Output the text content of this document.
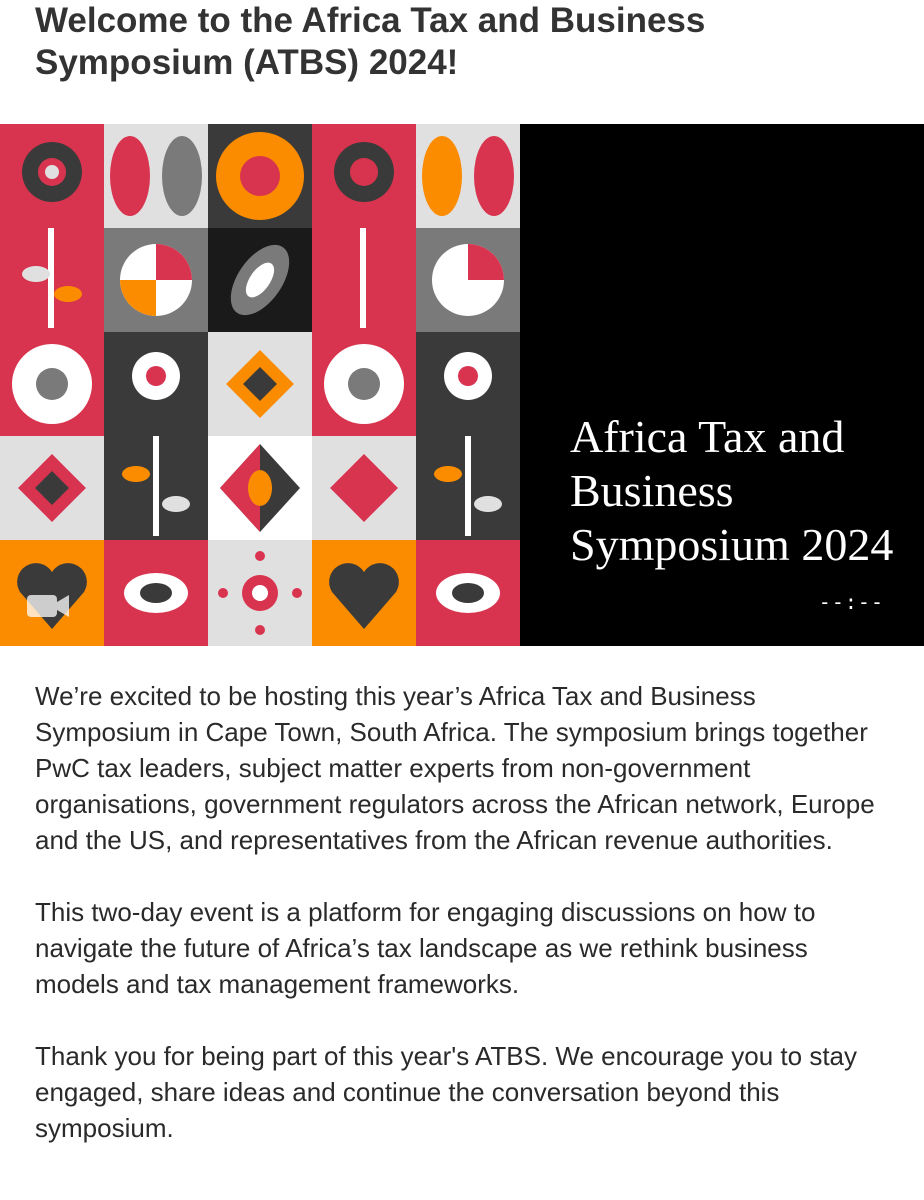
Welcome to the Africa Tax and Business Symposium (ATBS) 2024!
Africa Tax and Business Symposium 2024
--:--

We’re excited to be hosting this year’s Africa Tax and Business Symposium in Cape Town, South Africa. The symposium brings together PwC tax leaders, subject matter experts from non-government organisations, government regulators across the African network, Europe and the US, and representatives from the African revenue authorities.

This two-day event is a platform for engaging discussions on how to navigate the future of Africa’s tax landscape as we rethink business models and tax management frameworks.

Thank you for being part of this year's ATBS. We encourage you to stay engaged, share ideas and continue the conversation beyond this symposium.
